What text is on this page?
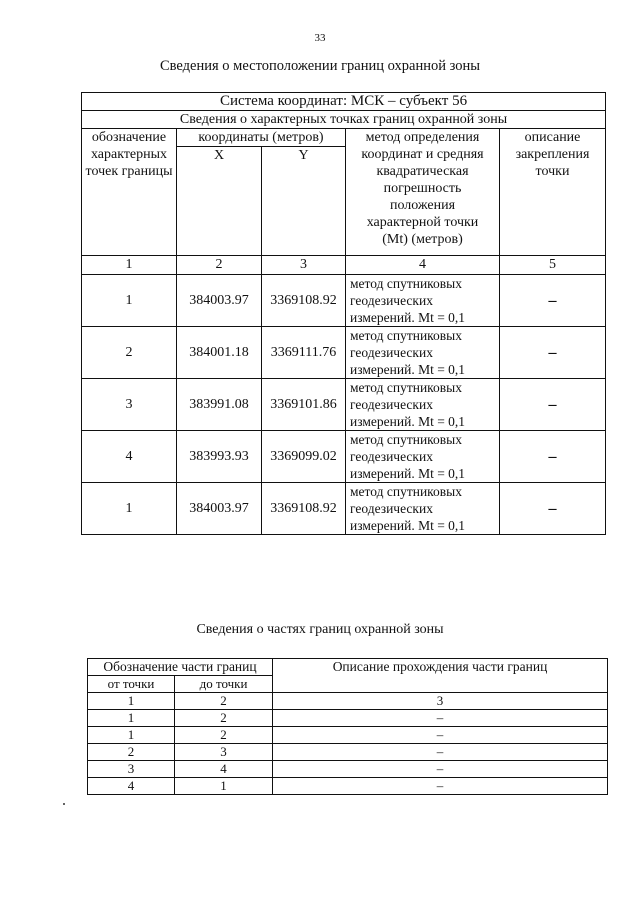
33
Сведения о местоположении границ охранной зоны
Система координат: МСК – субъект 56				
Сведения о характерных точках границ охранной зоны				
обозначение характерных точек границы	координаты (метров)		метод определения координат и средняя квадратическая погрешность положения характерной точки (Mt) (метров)	описание закрепления точки
	X	Y		
1	2	3	4	5
1	384003.97	3369108.92	метод спутниковых геодезических измерений. Mt = 0,1	–
2	384001.18	3369111.76	метод спутниковых геодезических измерений. Mt = 0,1	–
3	383991.08	3369101.86	метод спутниковых геодезических измерений. Mt = 0,1	–
4	383993.93	3369099.02	метод спутниковых геодезических измерений. Mt = 0,1	–
1	384003.97	3369108.92	метод спутниковых геодезических измерений. Mt = 0,1	–
Сведения о частях границ охранной зоны
Обозначение части границ		Описание прохождения части границ
от точки	до точки	
1	2	3
1	2	–
1	2	–
2	3	–
3	4	–
4	1	–
